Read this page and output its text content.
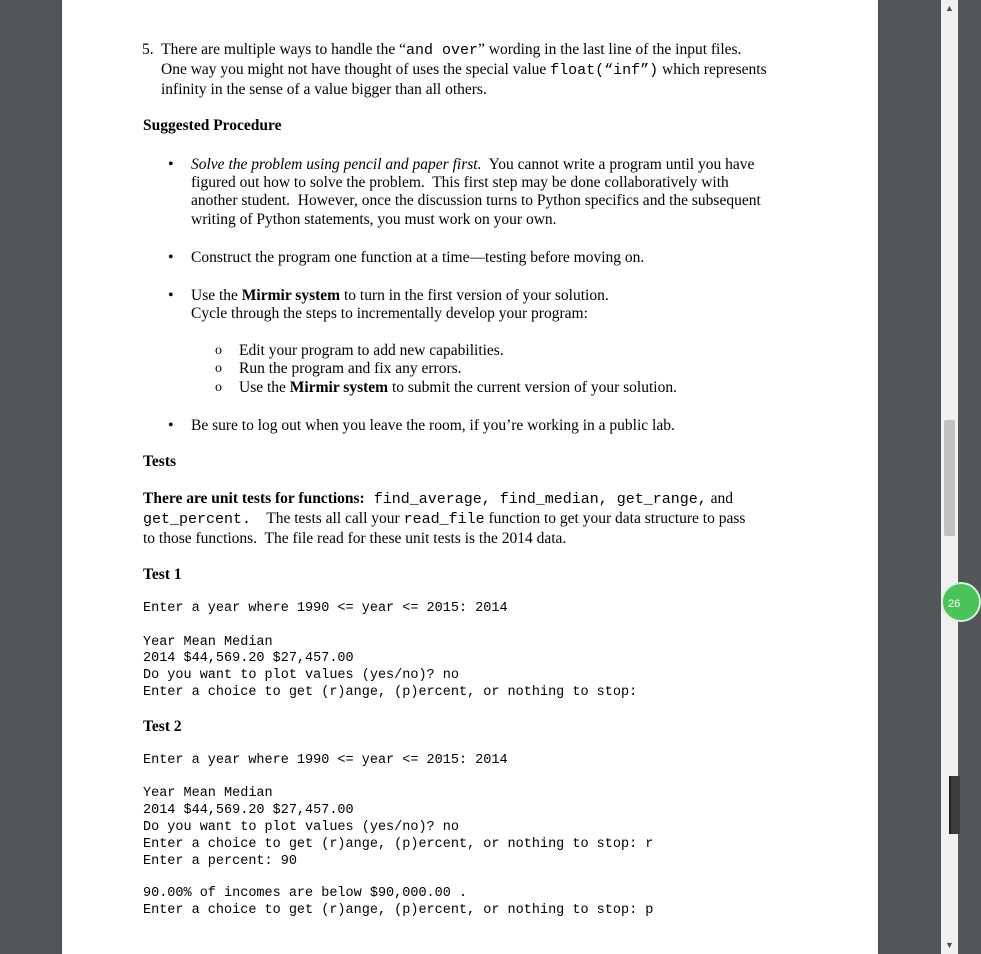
5.  There are multiple ways to handle the “and over” wording in the last line of the input files.
One way you might not have thought of uses the special value float(“inf”) which represents
infinity in the sense of a value bigger than all others.
Suggested Procedure
• Solve the problem using pencil and paper first.  You cannot write a program until you have
figured out how to solve the problem.  This first step may be done collaboratively with
another student.  However, once the discussion turns to Python specifics and the subsequent
writing of Python statements, you must work on your own.
• Construct the program one function at a time—testing before moving on.
• Use the Mirmir system to turn in the first version of your solution.
Cycle through the steps to incrementally develop your program:
o Edit your program to add new capabilities.
o Run the program and fix any errors.
o Use the Mirmir system to submit the current version of your solution.
• Be sure to log out when you leave the room, if you’re working in a public lab.
Tests
There are unit tests for functions: find_average, find_median, get_range, and
get_percent.    The tests all call your read_file function to get your data structure to pass
to those functions.  The file read for these unit tests is the 2014 data.
Test 1
Enter a year where 1990 <= year <= 2015: 2014
Year Mean Median
2014 $44,569.20 $27,457.00
Do you want to plot values (yes/no)? no
Enter a choice to get (r)ange, (p)ercent, or nothing to stop:
Test 2
Enter a year where 1990 <= year <= 2015: 2014
Year Mean Median
2014 $44,569.20 $27,457.00
Do you want to plot values (yes/no)? no
Enter a choice to get (r)ange, (p)ercent, or nothing to stop: r
Enter a percent: 90
90.00% of incomes are below $90,000.00 .
Enter a choice to get (r)ange, (p)ercent, or nothing to stop: p
▲
▼
26
